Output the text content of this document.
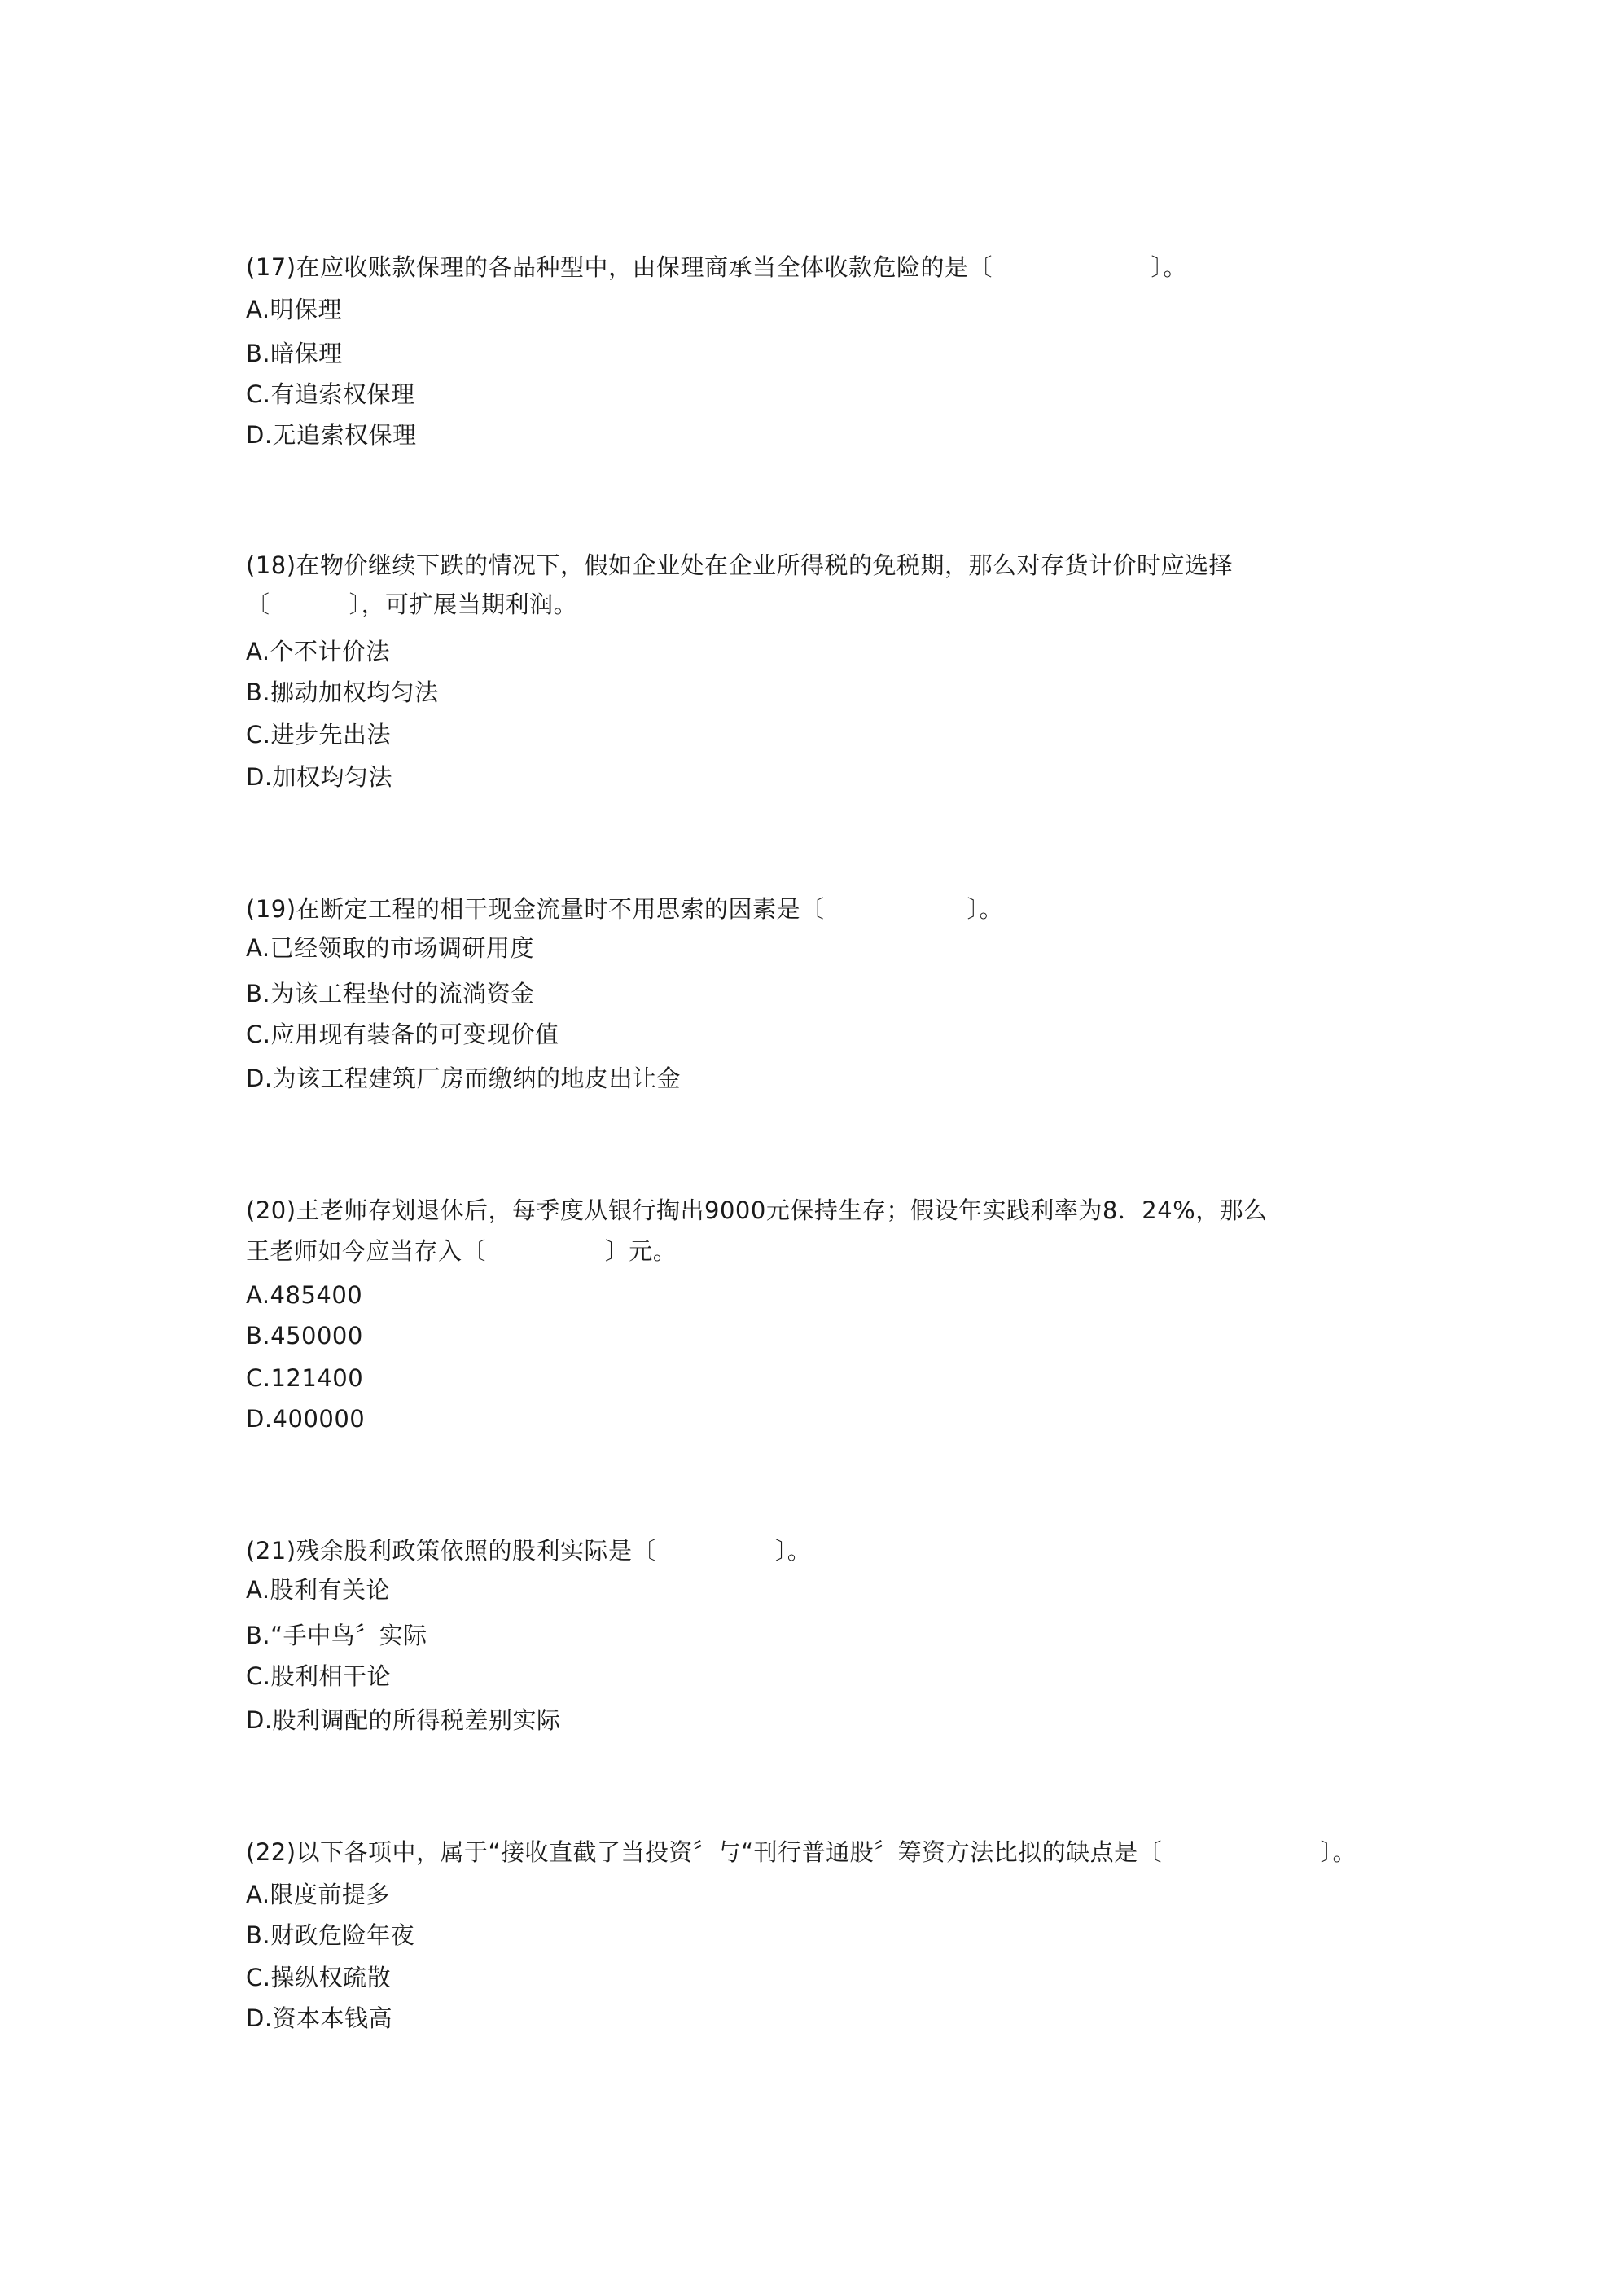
(17)在应收账款保理的各品种型中，由保理商承当全体收款危险的是〔                    〕。
A.明保理
B.暗保理
C.有追索权保理
D.无追索权保理
(18)在物价继续下跌的情况下，假如企业处在企业所得税的免税期，那么对存货计价时应选择
〔          〕，可扩展当期利润。
A.个不计价法
B.挪动加权均匀法
C.进步先出法
D.加权均匀法
(19)在断定工程的相干现金流量时不用思索的因素是〔                  〕。
A.已经领取的市场调研用度
B.为该工程垫付的流淌资金
C.应用现有装备的可变现价值
D.为该工程建筑厂房而缴纳的地皮出让金
(20)王老师存划退休后，每季度从银行掏出9000元保持生存；假设年实践利率为8．24%，那么
王老师如今应当存入〔               〕元。
A.485400
B.450000
C.121400
D.400000
(21)残余股利政策依照的股利实际是〔               〕。
A.股利有关论
B.“手中鸟〞实际
C.股利相干论
D.股利调配的所得税差别实际
(22)以下各项中，属于“接收直截了当投资〞与“刊行普通股〞筹资方法比拟的缺点是〔                    〕。
A.限度前提多
B.财政危险年夜
C.操纵权疏散
D.资本本钱高
